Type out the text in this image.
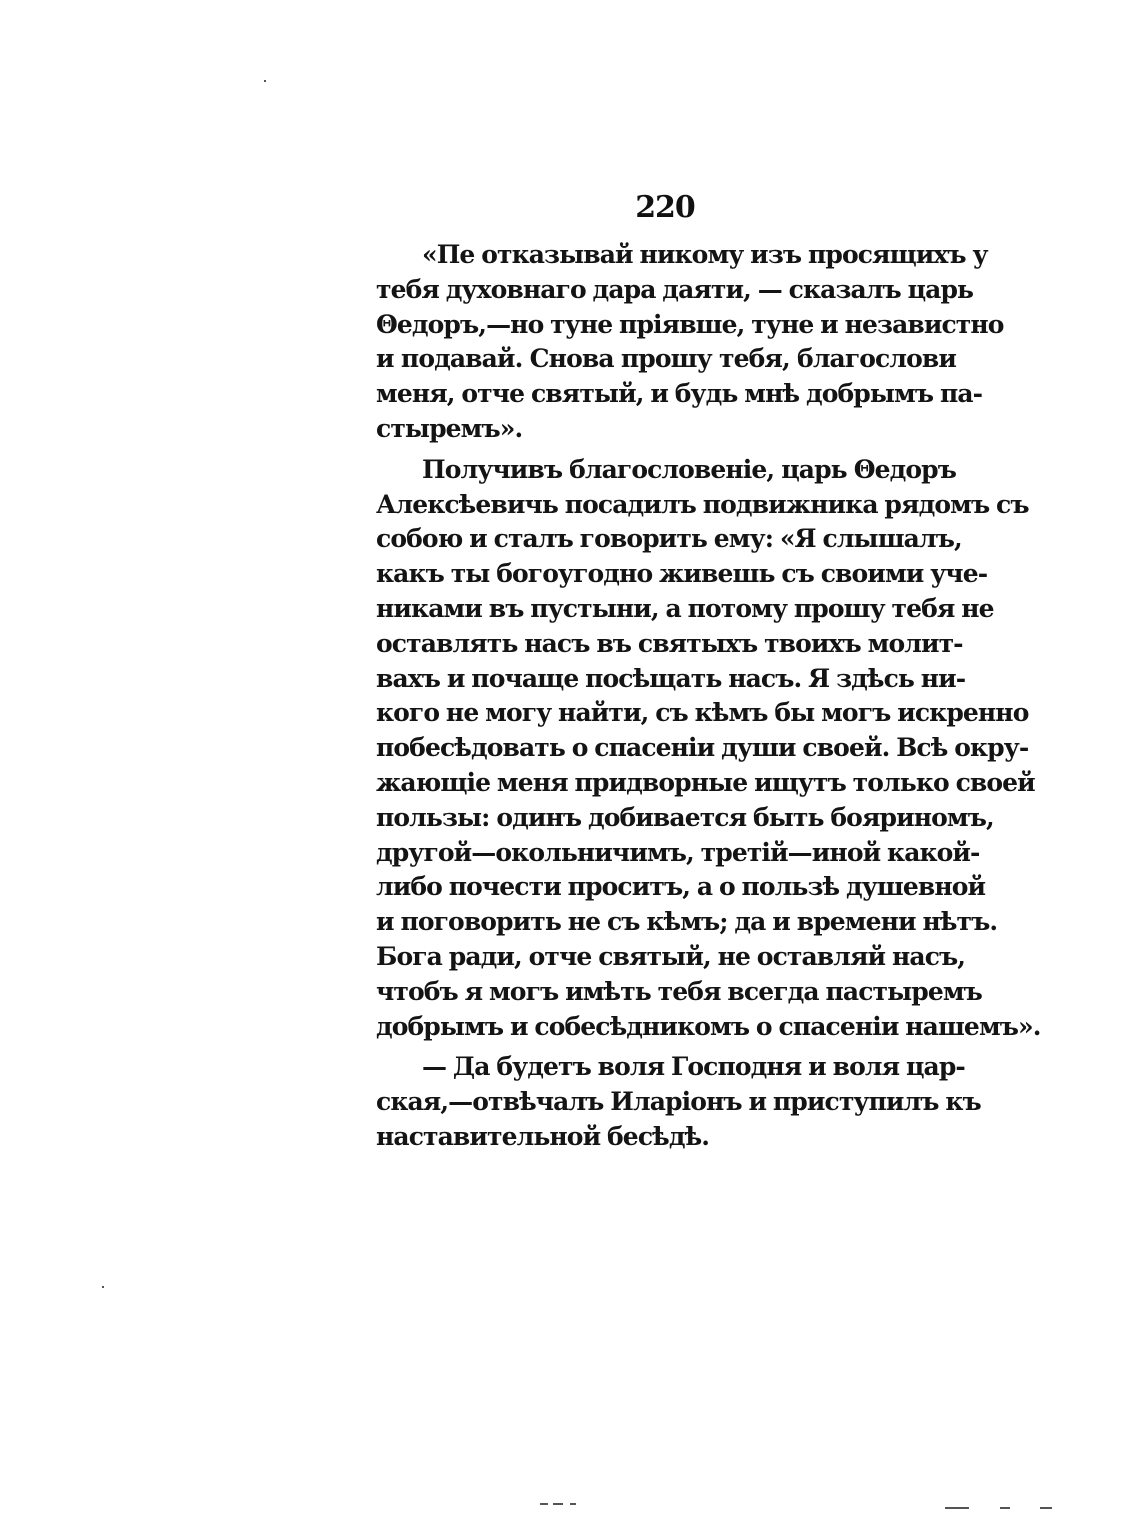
220
«Пе отказывай никому изъ просящихъ у
тебя духовнаго дара даяти, — сказалъ царь
Θедоръ,—но туне пріявше, туне и независтно
и подавай. Снова прошу тебя, благослови
меня, отче святый, и будь мнѣ добрымъ па-
стыремъ».
Получивъ благословеніе, царь Θедоръ
Алексѣевичь посадилъ подвижника рядомъ съ
собою и сталъ говорить ему: «Я слышалъ,
какъ ты богоугодно живешь съ своими уче-
никами въ пустыни, а потому прошу тебя не
оставлять насъ въ святыхъ твоихъ молит-
вахъ и почаще посѣщать насъ. Я здѣсь ни-
кого не могу найти, съ кѣмъ бы могъ искренно
побесѣдовать о спасеніи души своей. Всѣ окру-
жающіе меня придворные ищутъ только своей
пользы: одинъ добивается быть бояриномъ,
другой—окольничимъ, третій—иной какой-
либо почести проситъ, а о пользѣ душевной
и поговорить не съ кѣмъ; да и времени нѣтъ.
Бога ради, отче святый, не оставляй насъ,
чтобъ я могъ имѣть тебя всегда пастыремъ
добрымъ и собесѣдникомъ о спасеніи нашемъ».
— Да будетъ воля Господня и воля цар-
ская,—отвѣчалъ Иларіонъ и приступилъ къ
наставительной бесѣдѣ.
